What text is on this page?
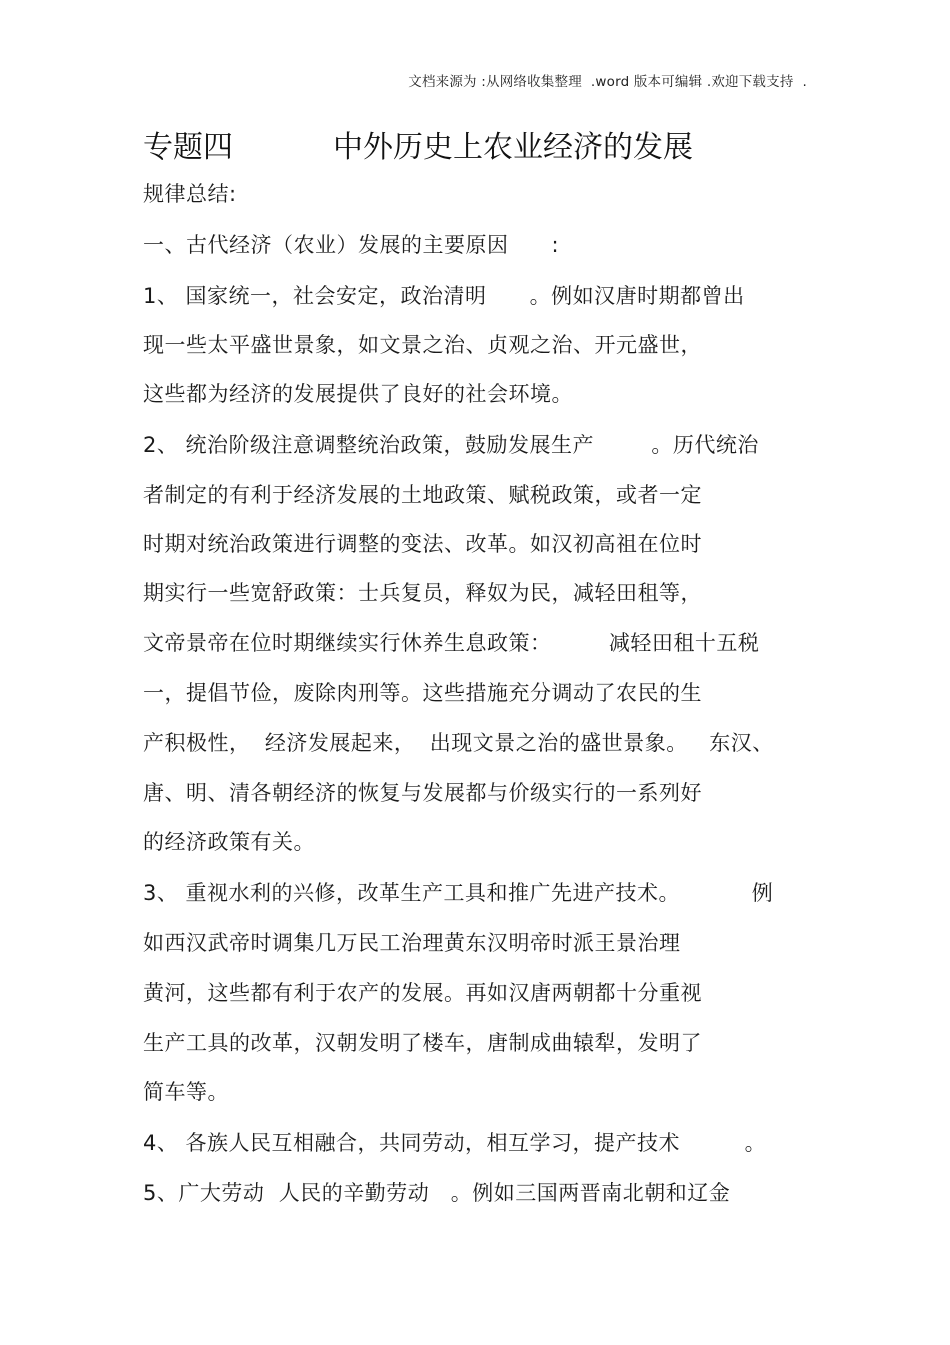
文档来源为 :从网络收集整理  .word 版本可编辑 .欢迎下载支持  .
专题四	中外历史上农业经济的发展
规律总结:
一、古代经济（农业）发展的主要原因      :
1、 国家统一，社会安定，政治清明      。例如汉唐时期都曾出
现一些太平盛世景象，如文景之治、贞观之治、开元盛世，
这些都为经济的发展提供了良好的社会环境。
2、 统治阶级注意调整统治政策，鼓励发展生产        。历代统治
者制定的有利于经济发展的土地政策、赋税政策，或者一定
时期对统治政策进行调整的变法、改革。如汉初高祖在位时
期实行一些宽舒政策：士兵复员，释奴为民，减轻田租等，
文帝景帝在位时期继续实行休养生息政策：        减轻田租十五税
一，提倡节俭，废除肉刑等。这些措施充分调动了农民的生
产积极性，  经济发展起来，  出现文景之治的盛世景象。   东汉、
唐、明、清各朝经济的恢复与发展都与价级实行的一系列好
的经济政策有关。
3、 重视水利的兴修，改革生产工具和推广先进产技术。          例
如西汉武帝时调集几万民工治理黄东汉明帝时派王景治理
黄河，这些都有利于农产的发展。再如汉唐两朝都十分重视
生产工具的改革，汉朝发明了楼车，唐制成曲辕犁，发明了
简车等。
4、 各族人民互相融合，共同劳动，相互学习，提产技术         。
5、广大劳动  人民的辛勤劳动   。例如三国两晋南北朝和辽金
